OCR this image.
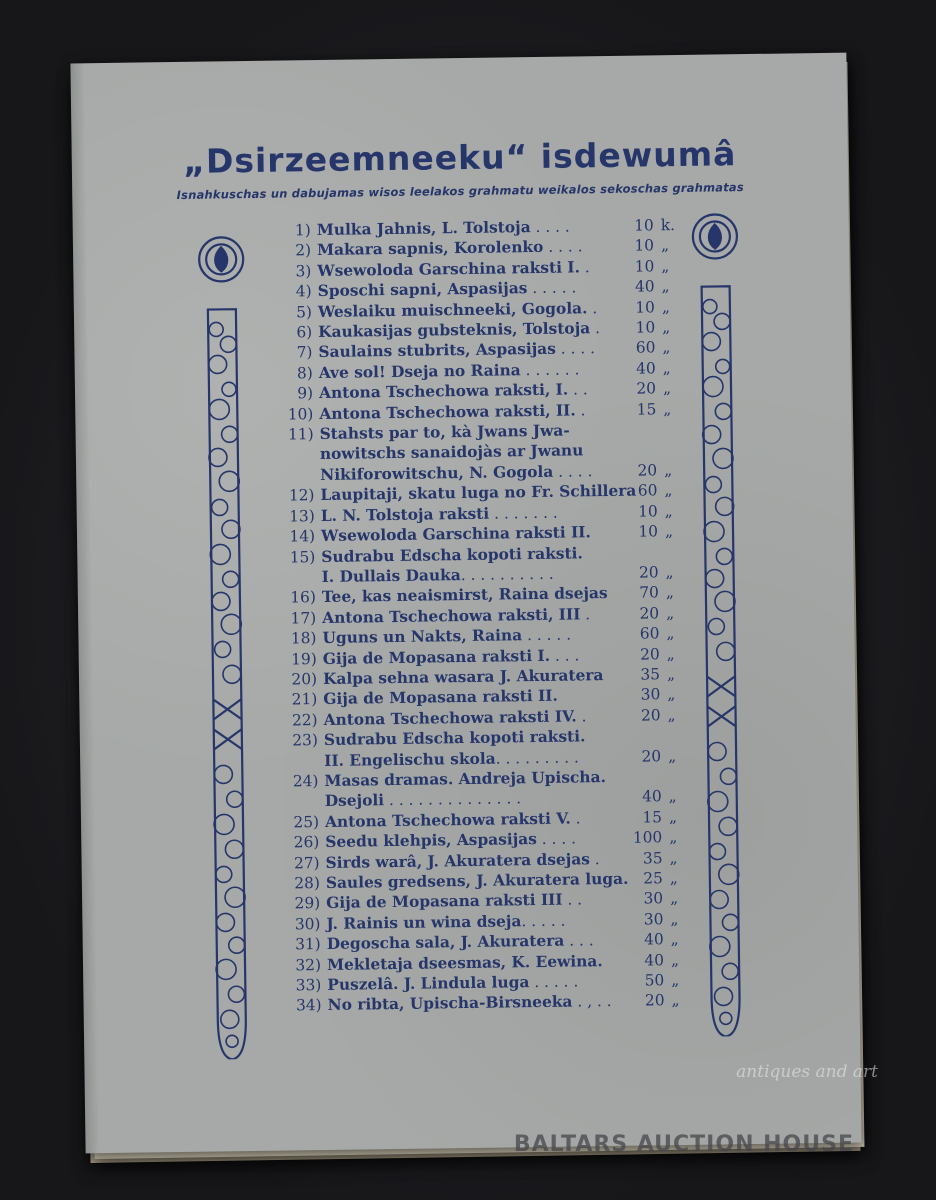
„Dsirzeemneeku“ isdewumâ
Isnahkuschas un dabujamas wisos leelakos grahmatu weikalos sekoschas grahmatas
1) Mulka Jahnis, L. Tolstoja . . . .	10 k.
2) Makara sapnis, Korolenko . . . .	10 „
3) Wsewoloda Garschina raksti I. .	10 „
4) Sposchi sapni, Aspasijas . . . . .	40 „
5) Weslaiku muischneeki, Gogola. .	10 „
6) Kaukasijas gubsteknis, Tolstoja .	10 „
7) Saulains stubrits, Aspasijas . . . .	60 „
8) Ave sol! Dseja no Raina . . . . . .	40 „
9) Antona Tschechowa raksti, I. . .	20 „
10) Antona Tschechowa raksti, II. .	15 „
11) Stahsts par to, kà Jwans Jwa-
nowitschs sanaidojàs ar Jwanu
Nikiforowitschu, N. Gogola . . . .	20 „
12) Laupitaji, skatu luga no Fr. Schillera 60 „
13) L. N. Tolstoja raksti . . . . . . .	10 „
14) Wsewoloda Garschina raksti II.	10 „
15) Sudrabu Edscha kopoti raksti.
I. Dullais Dauka. . . . . . . . . .	20 „
16) Tee, kas neaismirst, Raina dsejas	70 „
17) Antona Tschechowa raksti, III .	20 „
18) Uguns un Nakts, Raina . . . . .	60 „
19) Gija de Mopasana raksti I. . . .	20 „
20) Kalpa sehna wasara J. Akuratera	35 „
21) Gija de Mopasana raksti II.	30 „
22) Antona Tschechowa raksti IV. .	20 „
23) Sudrabu Edscha kopoti raksti.
II. Engelischu skola. . . . . . . . .	20 „
24) Masas dramas. Andreja Upischa.
Dsejoli . . . . . . . . . . . . . .	40 „
25) Antona Tschechowa raksti V. .	15 „
26) Seedu klehpis, Aspasijas . . . .	100 „
27) Sirds warâ, J. Akuratera dsejas .	35 „
28) Saules gredsens, J. Akuratera luga. 25 „
29) Gija de Mopasana raksti III . .	30 „
30) J. Rainis un wina dseja. . . . .	30 „
31) Degoscha sala, J. Akuratera . . .	40 „
32) Mekletaja dseesmas, K. Eewina.	40 „
33) Puszelâ. J. Lindula luga . . . . .	50 „
34) No ribta, Upischa-Birsneeka . , . .	20 „
antiques and art
BALTARS AUCTION HOUSE
